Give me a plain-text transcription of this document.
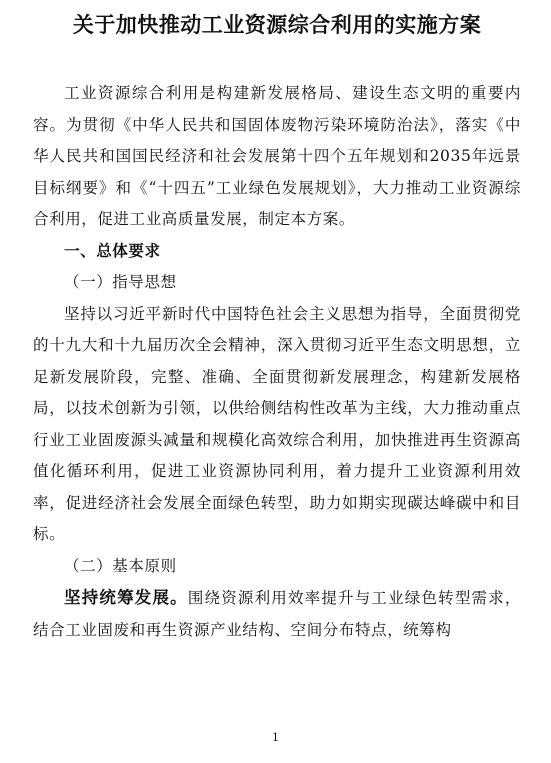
关于加快推动工业资源综合利用的实施方案

工业资源综合利用是构建新发展格局、建设生态文明的重要内容。为贯彻《中华人民共和国固体废物污染环境防治法》，落实《中华人民共和国国民经济和社会发展第十四个五年规划和2035年远景目标纲要》和《“十四五”工业绿色发展规划》，大力推动工业资源综合利用，促进工业高质量发展，制定本方案。

一、总体要求

（一）指导思想

坚持以习近平新时代中国特色社会主义思想为指导，全面贯彻党的十九大和十九届历次全会精神，深入贯彻习近平生态文明思想，立足新发展阶段，完整、准确、全面贯彻新发展理念，构建新发展格局，以技术创新为引领，以供给侧结构性改革为主线，大力推动重点行业工业固废源头减量和规模化高效综合利用，加快推进再生资源高值化循环利用，促进工业资源协同利用，着力提升工业资源利用效率，促进经济社会发展全面绿色转型，助力如期实现碳达峰碳中和目标。

（二）基本原则

坚持统筹发展。围绕资源利用效率提升与工业绿色转型需求，结合工业固废和再生资源产业结构、空间分布特点，统筹构

1
